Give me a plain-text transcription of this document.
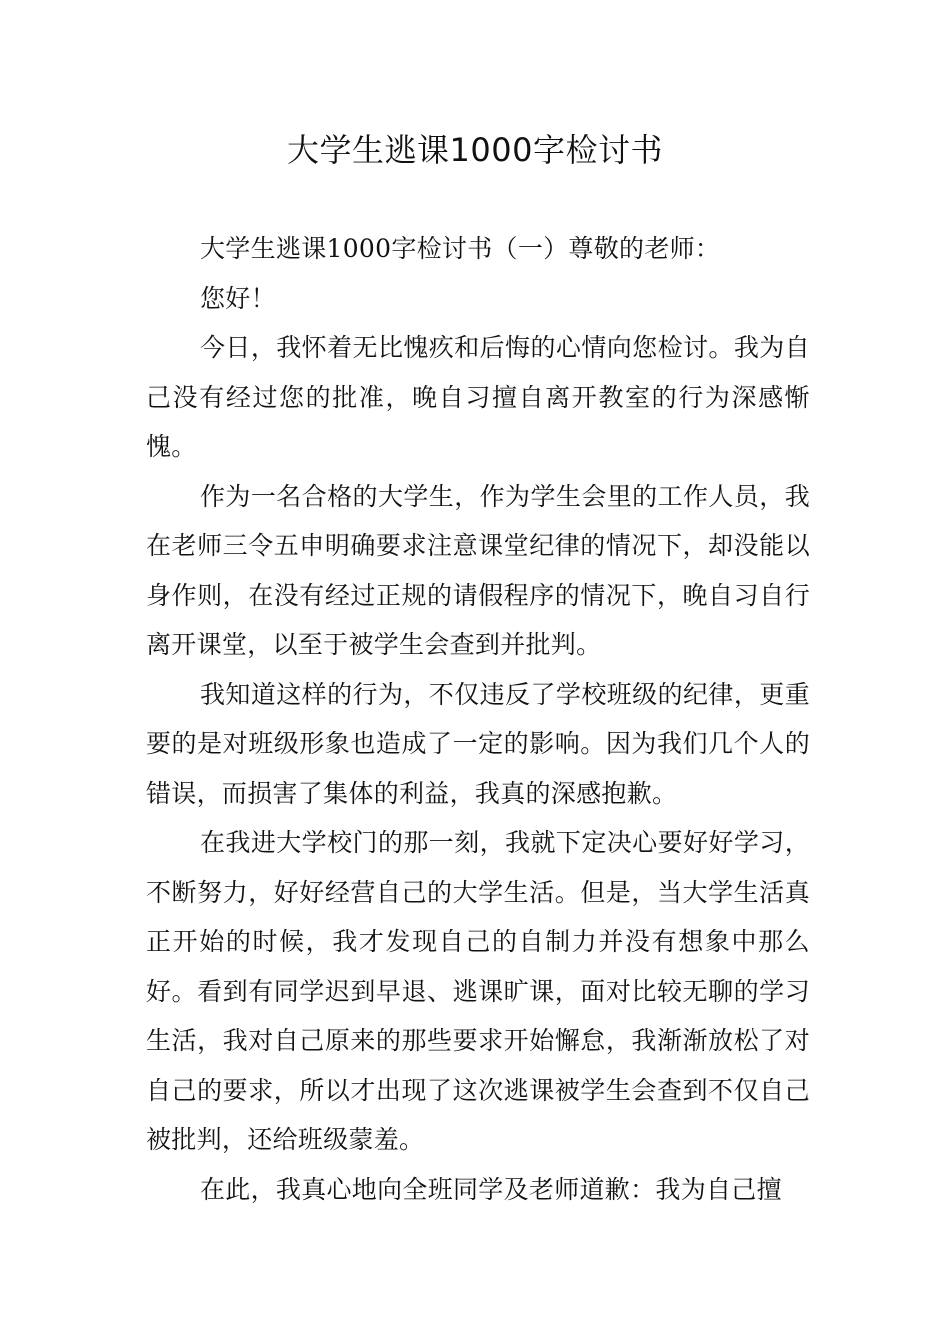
大学生逃课1000字检讨书

大学生逃课1000字检讨书（一）尊敬的老师：

您好！

今日，我怀着无比愧疚和后悔的心情向您检讨。我为自己没有经过您的批准，晚自习擅自离开教室的行为深感惭愧。

作为一名合格的大学生，作为学生会里的工作人员，我在老师三令五申明确要求注意课堂纪律的情况下，却没能以身作则，在没有经过正规的请假程序的情况下，晚自习自行离开课堂，以至于被学生会查到并批判。

我知道这样的行为，不仅违反了学校班级的纪律，更重要的是对班级形象也造成了一定的影响。因为我们几个人的错误，而损害了集体的利益，我真的深感抱歉。

在我进大学校门的那一刻，我就下定决心要好好学习，不断努力，好好经营自己的大学生活。但是，当大学生活真正开始的时候，我才发现自己的自制力并没有想象中那么好。看到有同学迟到早退、逃课旷课，面对比较无聊的学习生活，我对自己原来的那些要求开始懈怠，我渐渐放松了对自己的要求，所以才出现了这次逃课被学生会查到不仅自己被批判，还给班级蒙羞。

在此，我真心地向全班同学及老师道歉：我为自己擅
